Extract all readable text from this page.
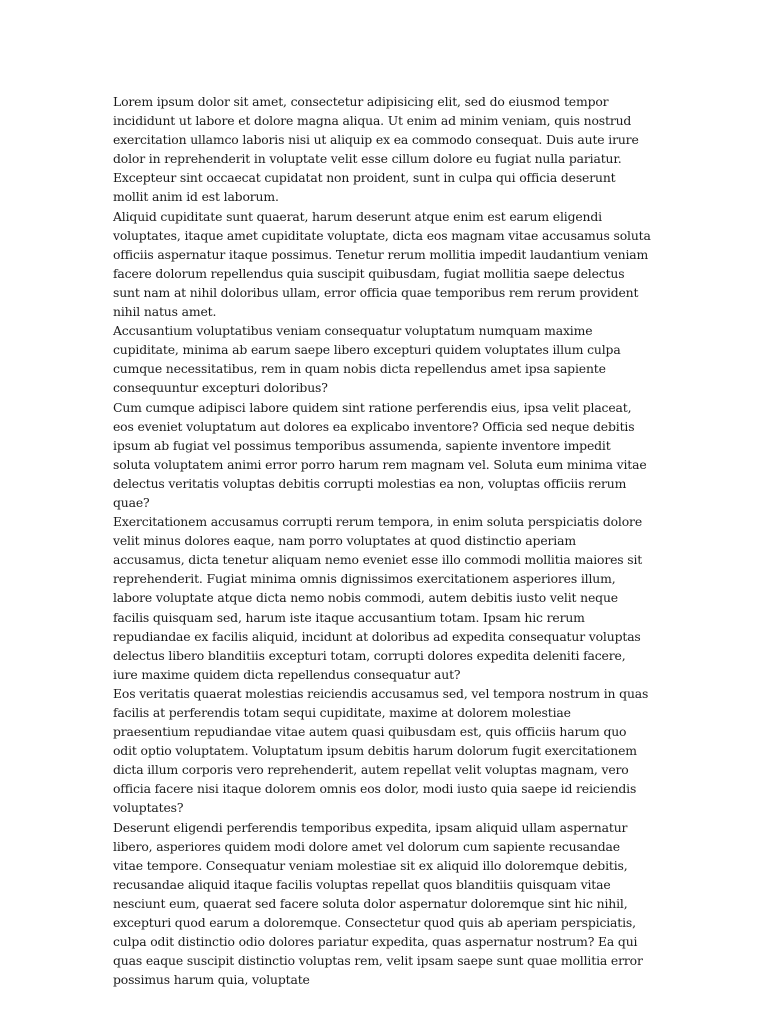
Lorem ipsum dolor sit amet, consectetur adipisicing elit, sed do eiusmod tempor incididunt ut labore et dolore magna aliqua. Ut enim ad minim veniam, quis nostrud exercitation ullamco laboris nisi ut aliquip ex ea commodo consequat. Duis aute irure dolor in reprehenderit in voluptate velit esse cillum dolore eu fugiat nulla pariatur. Excepteur sint occaecat cupidatat non proident, sunt in culpa qui officia deserunt mollit anim id est laborum.

Aliquid cupiditate sunt quaerat, harum deserunt atque enim est earum eligendi voluptates, itaque amet cupiditate voluptate, dicta eos magnam vitae accusamus soluta officiis aspernatur itaque possimus. Tenetur rerum mollitia impedit laudantium veniam facere dolorum repellendus quia suscipit quibusdam, fugiat mollitia saepe delectus sunt nam at nihil doloribus ullam, error officia quae temporibus rem rerum provident nihil natus amet.

Accusantium voluptatibus veniam consequatur voluptatum numquam maxime cupiditate, minima ab earum saepe libero excepturi quidem voluptates illum culpa cumque necessitatibus, rem in quam nobis dicta repellendus amet ipsa sapiente consequuntur excepturi doloribus?

Cum cumque adipisci labore quidem sint ratione perferendis eius, ipsa velit placeat, eos eveniet voluptatum aut dolores ea explicabo inventore? Officia sed neque debitis ipsum ab fugiat vel possimus temporibus assumenda, sapiente inventore impedit soluta voluptatem animi error porro harum rem magnam vel. Soluta eum minima vitae delectus veritatis voluptas debitis corrupti molestias ea non, voluptas officiis rerum quae?

Exercitationem accusamus corrupti rerum tempora, in enim soluta perspiciatis dolore velit minus dolores eaque, nam porro voluptates at quod distinctio aperiam accusamus, dicta tenetur aliquam nemo eveniet esse illo commodi mollitia maiores sit reprehenderit. Fugiat minima omnis dignissimos exercitationem asperiores illum, labore voluptate atque dicta nemo nobis commodi, autem debitis iusto velit neque facilis quisquam sed, harum iste itaque accusantium totam. Ipsam hic rerum repudiandae ex facilis aliquid, incidunt at doloribus ad expedita consequatur voluptas delectus libero blanditiis excepturi totam, corrupti dolores expedita deleniti facere, iure maxime quidem dicta repellendus consequatur aut?

Eos veritatis quaerat molestias reiciendis accusamus sed, vel tempora nostrum in quas facilis at perferendis totam sequi cupiditate, maxime at dolorem molestiae praesentium repudiandae vitae autem quasi quibusdam est, quis officiis harum quo odit optio voluptatem. Voluptatum ipsum debitis harum dolorum fugit exercitationem dicta illum corporis vero reprehenderit, autem repellat velit voluptas magnam, vero officia facere nisi itaque dolorem omnis eos dolor, modi iusto quia saepe id reiciendis voluptates?

Deserunt eligendi perferendis temporibus expedita, ipsam aliquid ullam aspernatur libero, asperiores quidem modi dolore amet vel dolorum cum sapiente recusandae vitae tempore. Consequatur veniam molestiae sit ex aliquid illo doloremque debitis, recusandae aliquid itaque facilis voluptas repellat quos blanditiis quisquam vitae nesciunt eum, quaerat sed facere soluta dolor aspernatur doloremque sint hic nihil, excepturi quod earum a doloremque. Consectetur quod quis ab aperiam perspiciatis, culpa odit distinctio odio dolores pariatur expedita, quas aspernatur nostrum? Ea qui quas eaque suscipit distinctio voluptas rem, velit ipsam saepe sunt quae mollitia error possimus harum quia, voluptate
